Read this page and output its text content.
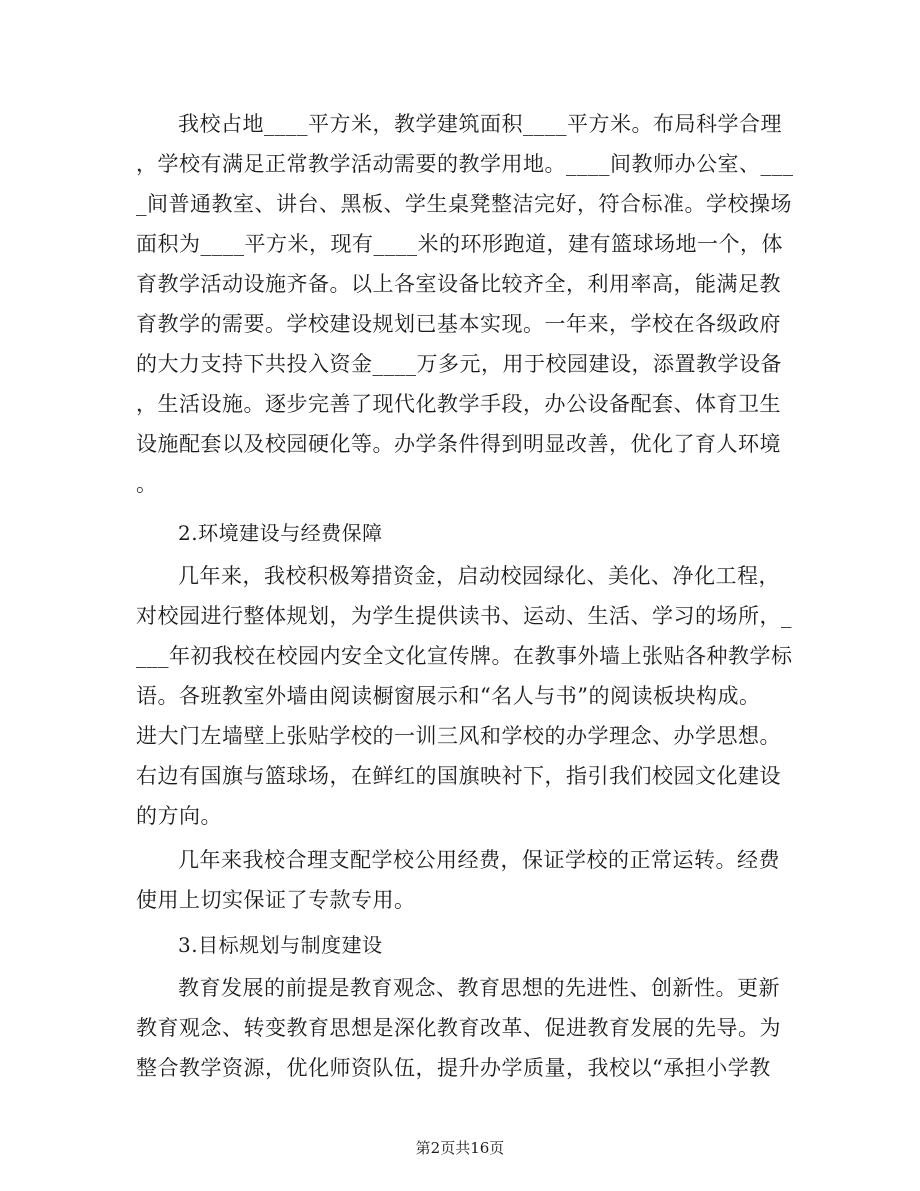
我校占地____平方米，教学建筑面积____平方米。布局科学合理
，学校有满足正常教学活动需要的教学用地。____间教师办公室、___
_间普通教室、讲台、黑板、学生桌凳整洁完好，符合标准。学校操场
面积为____平方米，现有____米的环形跑道，建有篮球场地一个，体
育教学活动设施齐备。以上各室设备比较齐全，利用率高，能满足教
育教学的需要。学校建设规划已基本实现。一年来，学校在各级政府
的大力支持下共投入资金____万多元，用于校园建设，添置教学设备
，生活设施。逐步完善了现代化教学手段，办公设备配套、体育卫生
设施配套以及校园硬化等。办学条件得到明显改善，优化了育人环境
。
2.环境建设与经费保障
几年来，我校积极筹措资金，启动校园绿化、美化、净化工程，
对校园进行整体规划，为学生提供读书、运动、生活、学习的场所，_
___年初我校在校园内安全文化宣传牌。在教事外墙上张贴各种教学标
语。各班教室外墙由阅读橱窗展示和“名人与书”的阅读板块构成。
进大门左墙壁上张贴学校的一训三风和学校的办学理念、办学思想。
右边有国旗与篮球场，在鲜红的国旗映衬下，指引我们校园文化建设
的方向。
几年来我校合理支配学校公用经费，保证学校的正常运转。经费
使用上切实保证了专款专用。
3.目标规划与制度建设
教育发展的前提是教育观念、教育思想的先进性、创新性。更新
教育观念、转变教育思想是深化教育改革、促进教育发展的先导。为
整合教学资源，优化师资队伍，提升办学质量，我校以“承担小学教
第2页共16页
